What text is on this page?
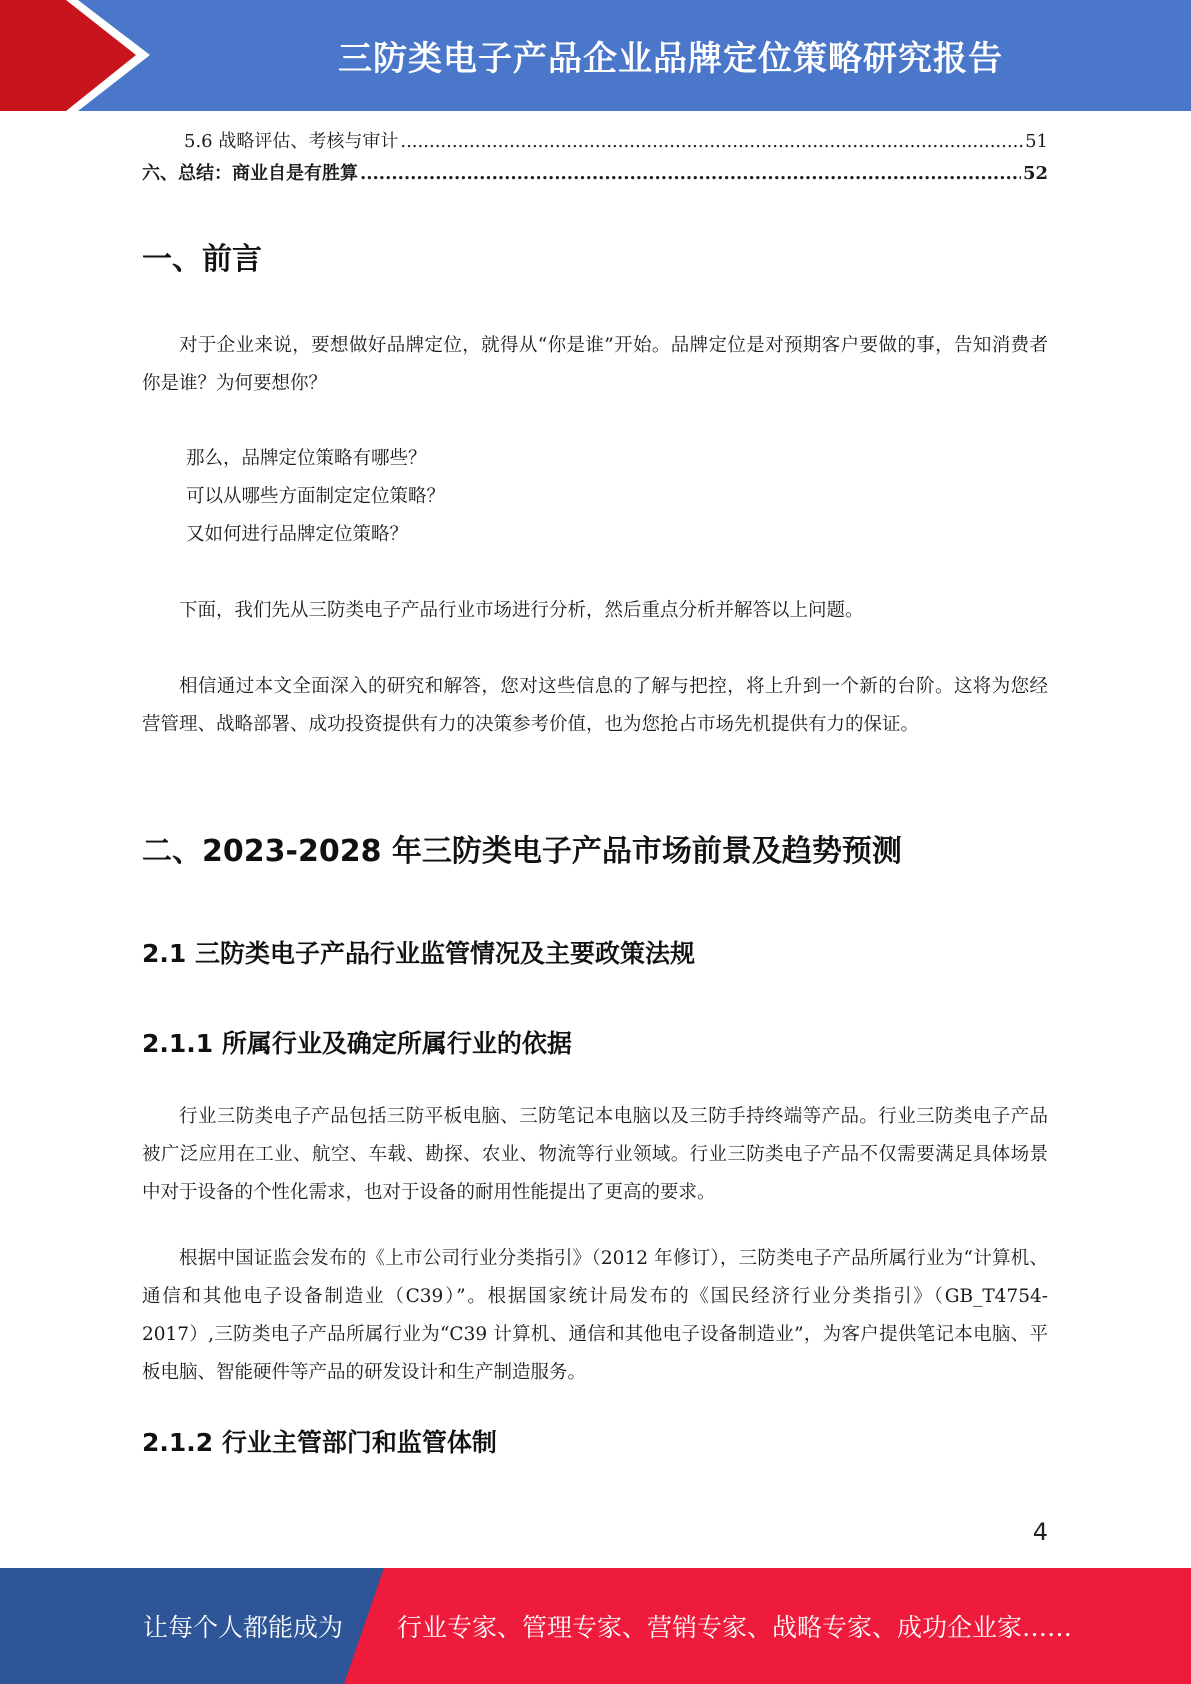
三防类电子产品企业品牌定位策略研究报告
5.6 战略评估、考核与审计 .....	51
六、总结：商业自是有胜算 .....	52
一、前言

对于企业来说，要想做好品牌定位，就得从“你是谁”开始。品牌定位是对预期客户要做的事，告知消费者你是谁？为何要想你？

那么，品牌定位策略有哪些？
可以从哪些方面制定定位策略？
又如何进行品牌定位策略？

下面，我们先从三防类电子产品行业市场进行分析，然后重点分析并解答以上问题。

相信通过本文全面深入的研究和解答，您对这些信息的了解与把控，将上升到一个新的台阶。这将为您经营管理、战略部署、成功投资提供有力的决策参考价值，也为您抢占市场先机提供有力的保证。

二、2023-2028 年三防类电子产品市场前景及趋势预测
2.1 三防类电子产品行业监管情况及主要政策法规
2.1.1 所属行业及确定所属行业的依据

行业三防类电子产品包括三防平板电脑、三防笔记本电脑以及三防手持终端等产品。行业三防类电子产品被广泛应用在工业、航空、车载、勘探、农业、物流等行业领域。行业三防类电子产品不仅需要满足具体场景中对于设备的个性化需求，也对于设备的耐用性能提出了更高的要求。

根据中国证监会发布的《上市公司行业分类指引》（2012 年修订），三防类电子产品所属行业为“计算机、通信和其他电子设备制造业（C39）”。根据国家统计局发布的《国民经济行业分类指引》（GB_T4754-2017）,三防类电子产品所属行业为“C39 计算机、通信和其他电子设备制造业”，为客户提供笔记本电脑、平板电脑、智能硬件等产品的研发设计和生产制造服务。

2.1.2 行业主管部门和监管体制
4
让每个人都能成为 行业专家、管理专家、营销专家、战略专家、成功企业家……
